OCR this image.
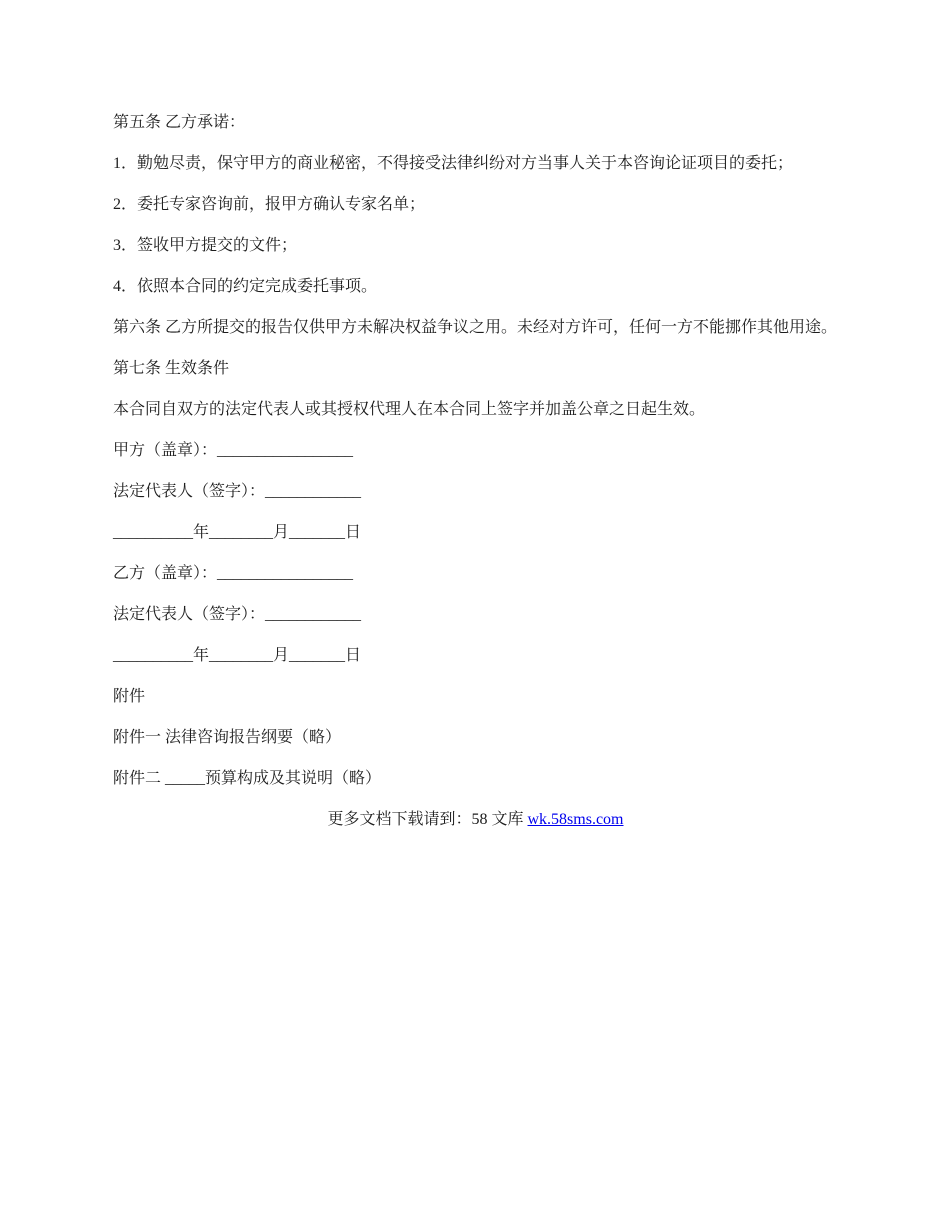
第五条 乙方承诺：

1．勤勉尽责，保守甲方的商业秘密，不得接受法律纠纷对方当事人关于本咨询论证项目的委托；

2．委托专家咨询前，报甲方确认专家名单；

3．签收甲方提交的文件；

4．依照本合同的约定完成委托事项。

第六条 乙方所提交的报告仅供甲方未解决权益争议之用。未经对方许可，任何一方不能挪作其他用途。

第七条 生效条件

本合同自双方的法定代表人或其授权代理人在本合同上签字并加盖公章之日起生效。

甲方（盖章）：_________________

法定代表人（签字）：____________

__________年________月_______日

乙方（盖章）：_________________

法定代表人（签字）：____________

__________年________月_______日

附件

附件一 法律咨询报告纲要（略）

附件二 _____预算构成及其说明（略）

更多文档下载请到：58 文库 wk.58sms.com
